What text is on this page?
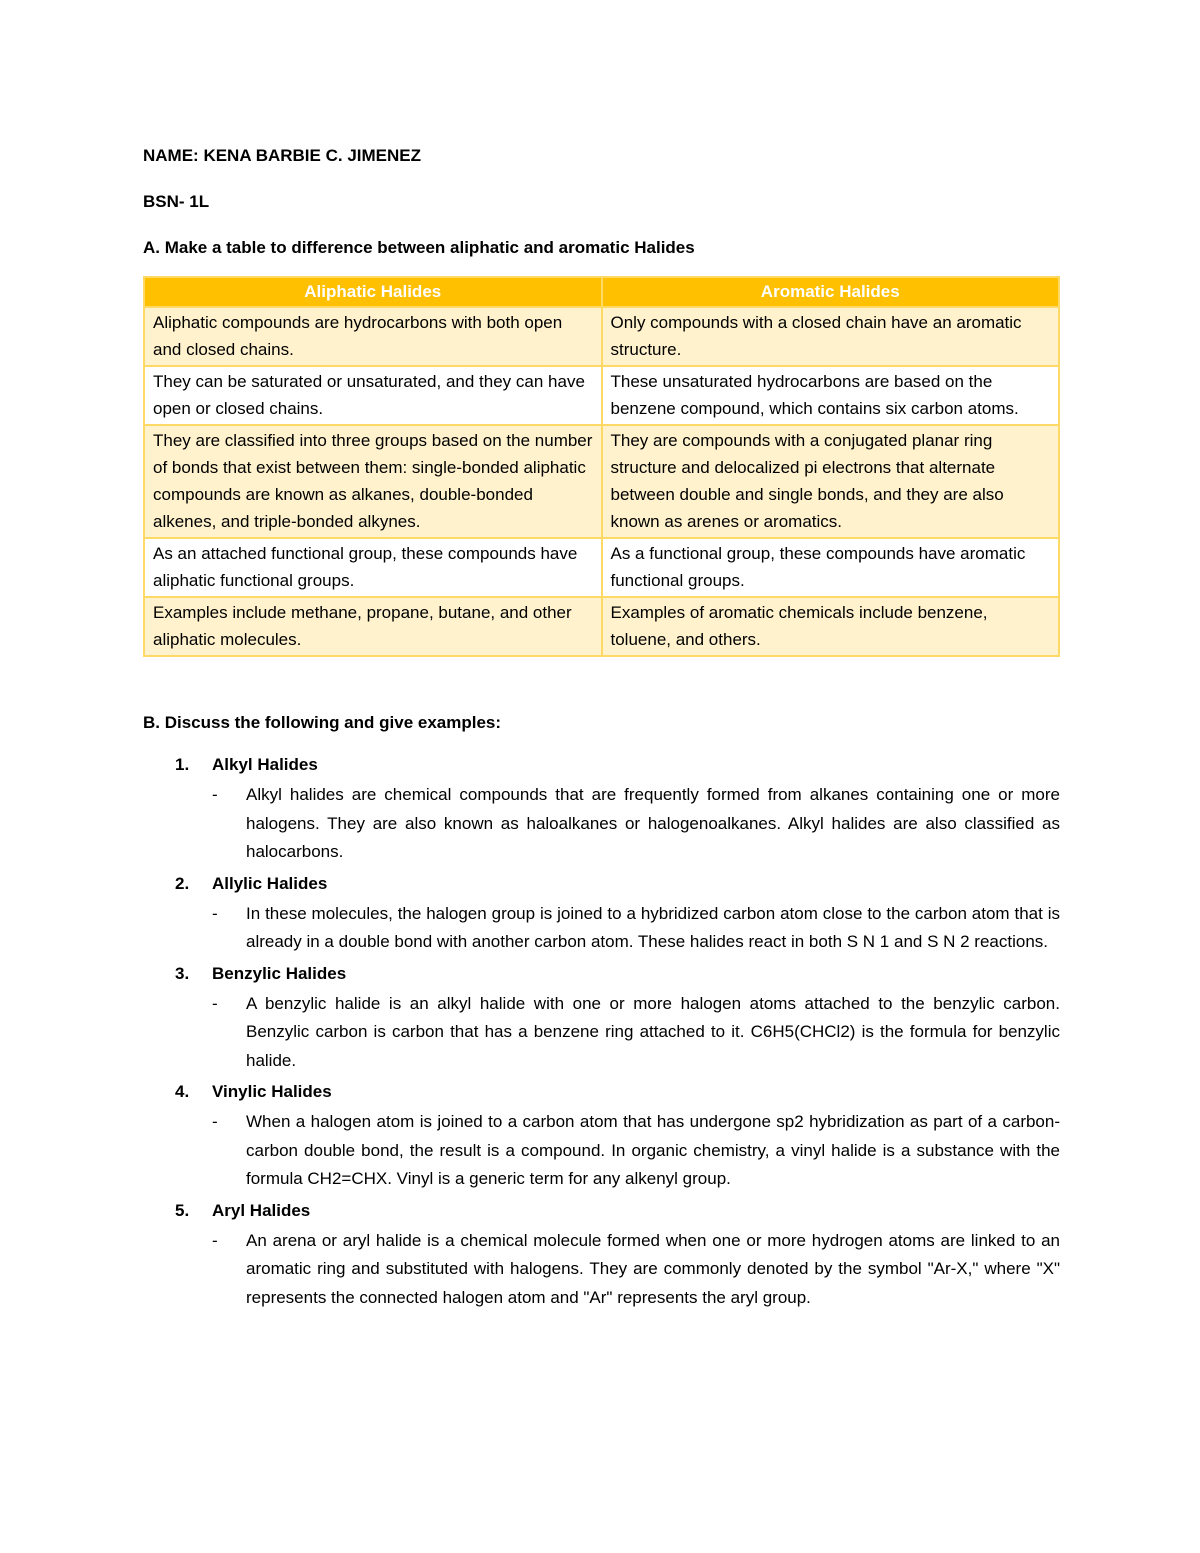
NAME: KENA BARBIE C. JIMENEZ

BSN- 1L

A. Make a table to difference between aliphatic and aromatic Halides

Aliphatic Halides	Aromatic Halides
Aliphatic compounds are hydrocarbons with both open and closed chains.	Only compounds with a closed chain have an aromatic structure.
They can be saturated or unsaturated, and they can have open or closed chains.	These unsaturated hydrocarbons are based on the benzene compound, which contains six carbon atoms.
They are classified into three groups based on the number of bonds that exist between them: single-bonded aliphatic compounds are known as alkanes, double-bonded alkenes, and triple-bonded alkynes.	They are compounds with a conjugated planar ring structure and delocalized pi electrons that alternate between double and single bonds, and they are also known as arenes or aromatics.
As an attached functional group, these compounds have aliphatic functional groups.	As a functional group, these compounds have aromatic functional groups.
Examples include methane, propane, butane, and other aliphatic molecules.	Examples of aromatic chemicals include benzene, toluene, and others.

B. Discuss the following and give examples:

1. Alkyl Halides
- Alkyl halides are chemical compounds that are frequently formed from alkanes containing one or more halogens. They are also known as haloalkanes or halogenoalkanes. Alkyl halides are also classified as halocarbons.
2. Allylic Halides
- In these molecules, the halogen group is joined to a hybridized carbon atom close to the carbon atom that is already in a double bond with another carbon atom. These halides react in both S N 1 and S N 2 reactions.
3. Benzylic Halides
- A benzylic halide is an alkyl halide with one or more halogen atoms attached to the benzylic carbon. Benzylic carbon is carbon that has a benzene ring attached to it. C6H5(CHCl2) is the formula for benzylic halide.
4. Vinylic Halides
- When a halogen atom is joined to a carbon atom that has undergone sp2 hybridization as part of a carbon-carbon double bond, the result is a compound. In organic chemistry, a vinyl halide is a substance with the formula CH2=CHX. Vinyl is a generic term for any alkenyl group.
5. Aryl Halides
- An arena or aryl halide is a chemical molecule formed when one or more hydrogen atoms are linked to an aromatic ring and substituted with halogens. They are commonly denoted by the symbol "Ar-X," where "X" represents the connected halogen atom and "Ar" represents the aryl group.
